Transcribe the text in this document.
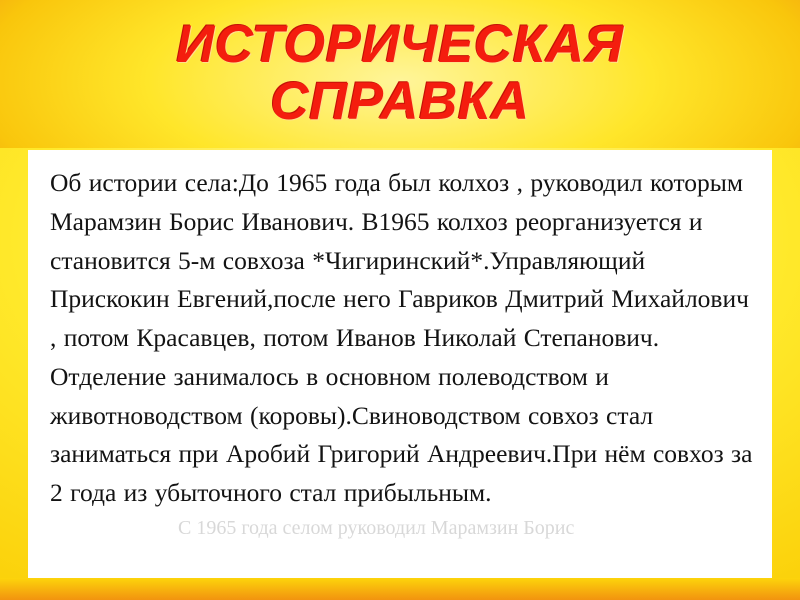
ИСТОРИЧЕСКАЯ СПРАВКА

Об истории села:До 1965 года был колхоз , руководил которым Марамзин Борис Иванович. В1965 колхоз реорганизуется и становится 5-м совхоза *Чигиринский*.Управляющий Прискокин Евгений,после него Гавриков Дмитрий Михайлович , потом Красавцев, потом Иванов Николай Степанович. Отделение занималось в основном полеводством и животноводством (коровы).Свиноводством совхоз стал заниматься при Аробий Григорий Андреевич.При нём совхоз за 2 года из убыточного стал прибыльным.

С 1965 года селом руководил Марамзин Борис
